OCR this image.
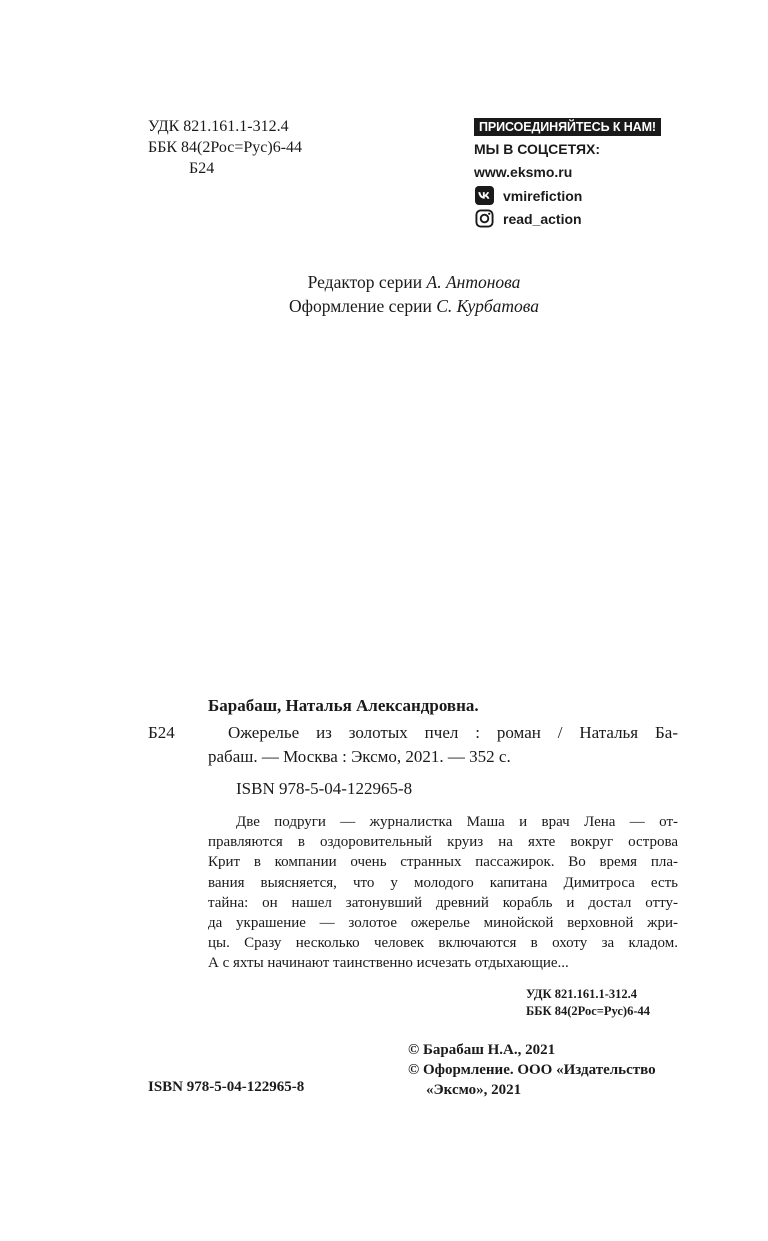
УДК 821.161.1-312.4
ББК 84(2Рос=Рус)6-44
Б24
ПРИСОЕДИНЯЙТЕСЬ К НАМ!
МЫ В СОЦСЕТЯХ:
www.eksmo.ru
vmirefiction
read_action
Редактор серии А. Антонова
Оформление серии С. Курбатова
Барабаш, Наталья Александровна.
Б24	Ожерелье из золотых пчел : роман / Наталья Ба-
рабаш. — Москва : Эксмо, 2021. — 352 с.
ISBN 978-5-04-122965-8
Две подруги — журналистка Маша и врач Лена — от-
правляются в оздоровительный круиз на яхте вокруг острова
Крит в компании очень странных пассажирок. Во время пла-
вания выясняется, что у молодого капитана Димитроса есть
тайна: он нашел затонувший древний корабль и достал отту-
да украшение — золотое ожерелье минойской верховной жри-
цы. Сразу несколько человек включаются в охоту за кладом.
А с яхты начинают таинственно исчезать отдыхающие...
УДК 821.161.1-312.4
ББК 84(2Рос=Рус)6-44
© Барабаш Н.А., 2021
© Оформление. ООО «Издательство
«Эксмо», 2021
ISBN 978-5-04-122965-8
